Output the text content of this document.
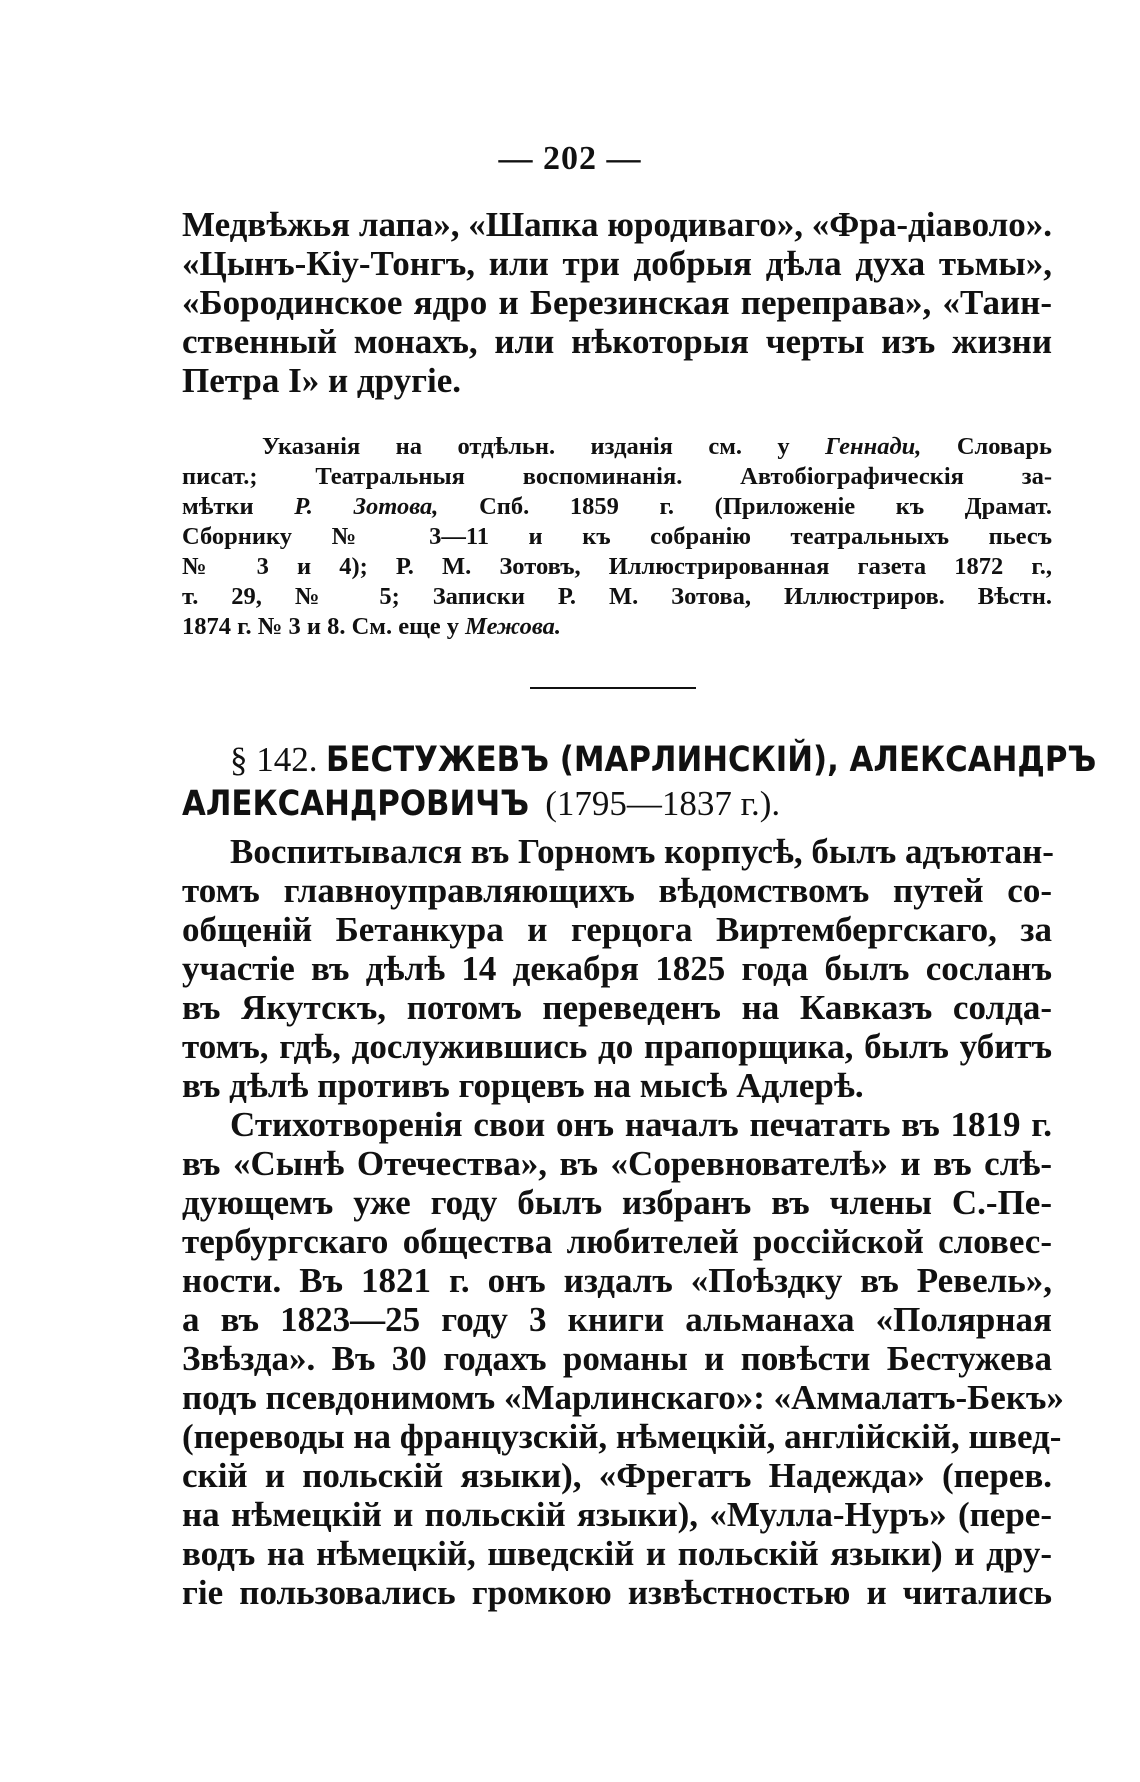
— 202 —
Медвѣжья лапа», «Шапка юродиваго», «Фра-діаволо».
«Цынъ-Кіу-Тонгъ, или три добрыя дѣла духа тьмы»,
«Бородинское ядро и Березинская переправа», «Таин-
ственный монахъ, или нѣкоторыя черты изъ жизни
Петра I» и другіе.
Указанія на отдѣльн. изданія см. у Геннади, Словарь
писат.; Театральныя воспоминанія. Автобіографическія за-
мѣтки Р. Зотова, Спб. 1859 г. (Приложеніе къ Драмат.
Сборнику № 3—11 и къ собранію театральныхъ пьесъ
№ 3 и 4); Р. М. Зотовъ, Иллюстрированная газета 1872 г.,
т. 29, № 5; Записки Р. М. Зотова, Иллюстриров. Вѣстн.
1874 г. № 3 и 8. См. еще у Межова.
§ 142. БЕСТУЖЕВЪ (МАРЛИНСКІЙ), АЛЕКСАНДРЪ
АЛЕКСАНДРОВИЧЪ (1795—1837 г.).
Воспитывался въ Горномъ корпусѣ, былъ адъютан-
томъ главноуправляющихъ вѣдомствомъ путей со-
общеній Бетанкура и герцога Виртембергскаго, за
участіе въ дѣлѣ 14 декабря 1825 года былъ сосланъ
въ Якутскъ, потомъ переведенъ на Кавказъ солда-
томъ, гдѣ, дослужившись до прапорщика, былъ убитъ
въ дѣлѣ противъ горцевъ на мысѣ Адлерѣ.
Стихотворенія свои онъ началъ печатать въ 1819 г.
въ «Сынѣ Отечества», въ «Соревнователѣ» и въ слѣ-
дующемъ уже году былъ избранъ въ члены С.-Пе-
тербургскаго общества любителей россійской словес-
ности. Въ 1821 г. онъ издалъ «Поѣздку въ Ревель»,
а въ 1823—25 году 3 книги альманаха «Полярная
Звѣзда». Въ 30 годахъ романы и повѣсти Бестужева
подъ псевдонимомъ «Марлинскаго»: «Аммалатъ-Бекъ»
(переводы на французскій, нѣмецкій, англійскій, швед-
скій и польскій языки), «Фрегатъ Надежда» (перев.
на нѣмецкій и польскій языки), «Мулла-Нуръ» (пере-
водъ на нѣмецкій, шведскій и польскій языки) и дру-
гіе пользовались громкою извѣстностью и читались
